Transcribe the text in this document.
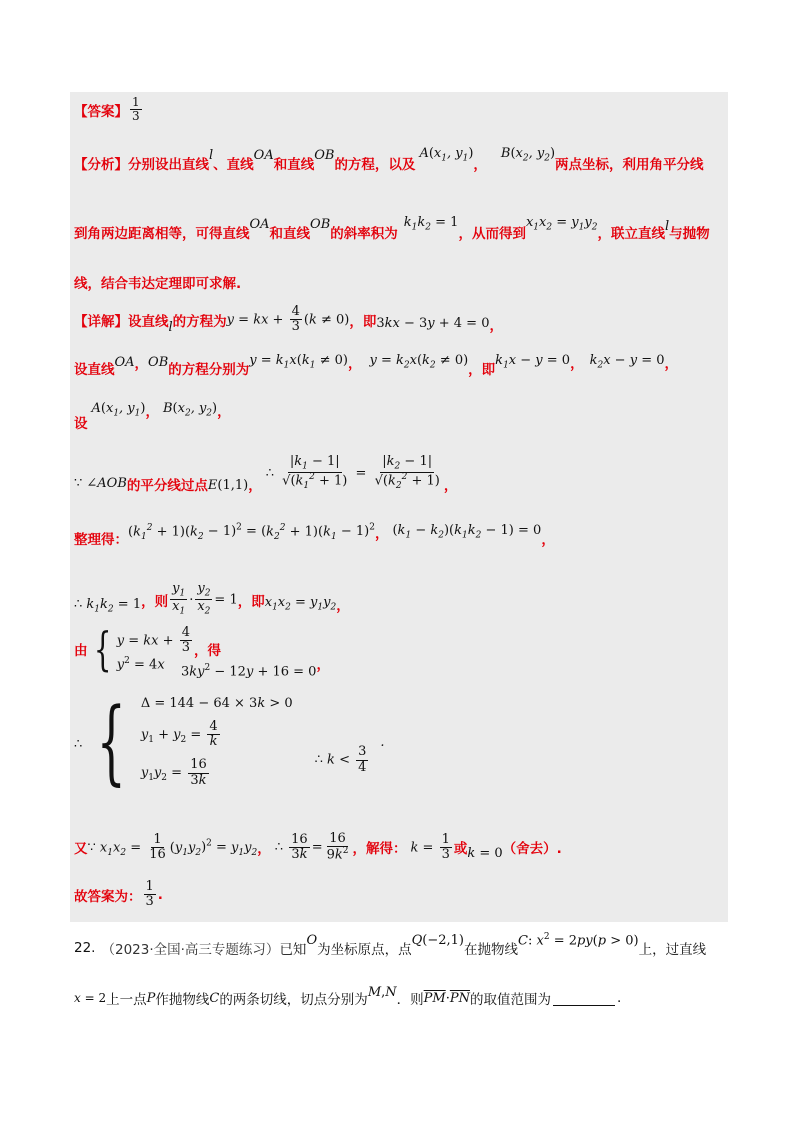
【答案】 $\frac{1}{3}$
【分析】 分别设出直线
l
、直线
OA
和直线
OB
的方程，以及
$A(x_1$, $y_1$)
，
$B(x_2$, $y_2$)
两点坐标，利用角平分线
到角两边距离相等，可得直线
OA
和直线
OB
的斜率积为
$k_1k_2 = 1$
，从而得到
$x_1x_2 = y_1y_2$ ，联立直线 l 与抛物
线，结合韦达定理即可求解.
【详解】 设直线 l 的方程为 y = kx + $\frac{4}{3} (k \ne 0)$ ，即 3kx − 3y + 4 = 0 ，
设直线 OA ， OB 的方程分别为
$y = k_1x(k_1 \ne 0)$ ， $y = k_2x(k_2 \ne 0)$
，即
$k_1x - y = 0$ ， $k_2x - y = 0$ ，
设
$A(x_1$, $y_1$) ， $B(x_2$, $y_2$) ，
∵ ∠AOB 的平分线过点 E(1,1) ，
∴ $\frac{|k_1 - 1|}{√(k_1^2 + 1)} = \frac{|k_2 - 1|}{√(k_2^2 + 1)}$ ，
整理得：
$(k_1^2 + 1)(k_2 - 1)^2 = (k_2^2 + 1)(k_1 - 1)^2$ ， $(k_1 - k_2)(k_1k_2 - 1) = 0$
，
∴ $k_1k_2 = 1$ ，则 $\frac{y_1}{x_1} \cdot \frac{y_2}{x_2} = 1$ ，即 $x_1x_2 = y_1y_2$ ，
由 { y = kx + $\frac{4}{3}$
$y^2 = 4x$
，得
$3ky^2 - 12y + 16 = 0$ ，
∴ { Δ = 144 − 64 × 3k > 0
$y_1 + y_2 = \frac{4}{k}$
$y_1y_2 = \frac{16}{3k}$	∴ $k < \frac{3}{4}$
.
又 ∵ $x_1x_2 = \frac{1}{16} (y_1y_2)^2 = y_1y_2$ ， ∴ $\frac{16}{3k} = \frac{16}{9k^2}$ ，解得： $k = \frac{1}{3}$ 或 k = 0 （舍去）.
故答案为： $\frac{1}{3}$ .
22. （2023·全国·高三专题练习） 已知
O
为坐标原点，点
Q(−2,1)
在抛物线
C: $x^2 = 2py(p > 0)$
上，过直线
x = 2 上一点 P 作抛物线 C 的两条切线，切点分别为 M,N ．则 $\overline{PM}\cdot\overline{PN}$ 的取值范围为	.
